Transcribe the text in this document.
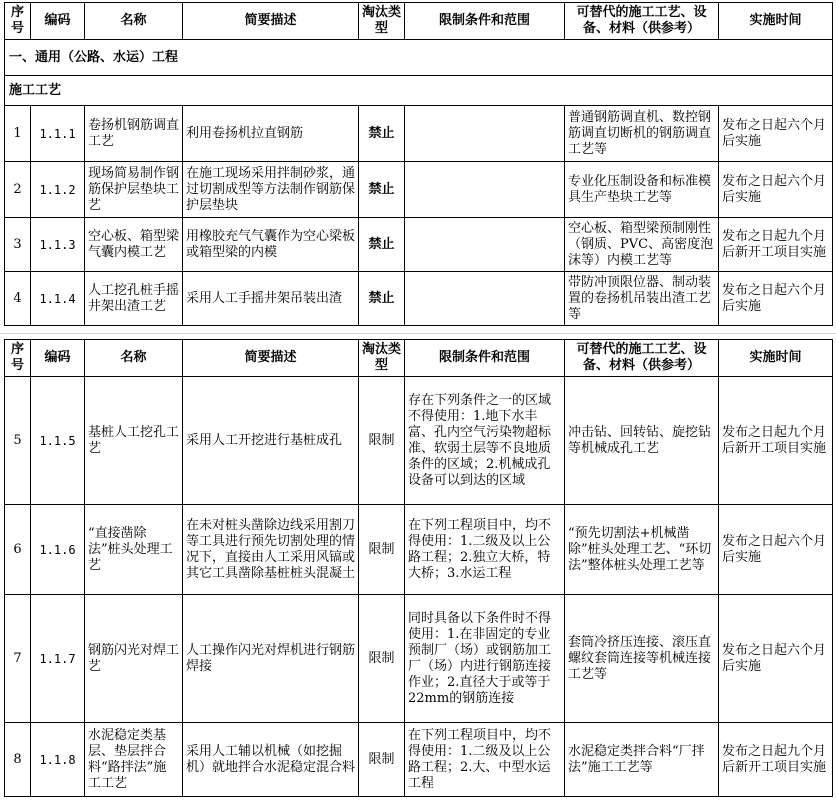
序号	编码	名称	简要描述	淘汰类型	限制条件和范围	可替代的施工工艺、设备、材料（供参考）	实施时间
一、通用（公路、水运）工程							
施工工艺							
1	1.1.1	卷扬机钢筋调直工艺	利用卷扬机拉直钢筋	禁止		普通钢筋调直机、数控钢筋调直切断机的钢筋调直工艺等	发布之日起六个月后实施
2	1.1.2	现场简易制作钢筋保护层垫块工艺	在施工现场采用拌制砂浆，通过切割成型等方法制作钢筋保护层垫块	禁止		专业化压制设备和标准模具生产垫块工艺等	发布之日起六个月后实施
3	1.1.3	空心板、箱型梁气囊内模工艺	用橡胶充气气囊作为空心梁板或箱型梁的内模	禁止		空心板、箱型梁预制刚性（钢质、PVC、高密度泡沫等）内模工艺等	发布之日起九个月后新开工项目实施
4	1.1.4	人工挖孔桩手摇井架出渣工艺	采用人工手摇井架吊装出渣	禁止		带防冲顶限位器、制动装置的卷扬机吊装出渣工艺等	发布之日起六个月后实施
序号	编码	名称	简要描述	淘汰类型	限制条件和范围	可替代的施工工艺、设备、材料（供参考）	实施时间
5	1.1.5	基桩人工挖孔工艺	采用人工开挖进行基桩成孔	限制	存在下列条件之一的区域不得使用：1.地下水丰富、孔内空气污染物超标准、软弱土层等不良地质条件的区域；2.机械成孔设备可以到达的区域	冲击钻、回转钻、旋挖钻等机械成孔工艺	发布之日起九个月后新开工项目实施
6	1.1.6	“直接凿除法”桩头处理工艺	在未对桩头凿除边线采用割刀等工具进行预先切割处理的情况下，直接由人工采用风镐或其它工具凿除基桩桩头混凝土	限制	在下列工程项目中，均不得使用：1.二级及以上公路工程；2.独立大桥，特大桥；3.水运工程	“预先切割法+机械凿除”桩头处理工艺、“环切法”整体桩头处理工艺等	发布之日起六个月后实施
7	1.1.7	钢筋闪光对焊工艺	人工操作闪光对焊机进行钢筋焊接	限制	同时具备以下条件时不得使用：1.在非固定的专业预制厂（场）或钢筋加工厂（场）内进行钢筋连接作业；2.直径大于或等于22mm的钢筋连接	套筒冷挤压连接、滚压直螺纹套筒连接等机械连接工艺等	发布之日起六个月后实施
8	1.1.8	水泥稳定类基层、垫层拌合料“路拌法”施工工艺	采用人工辅以机械（如挖掘机）就地拌合水泥稳定混合料	限制	在下列工程项目中，均不得使用：1.二级及以上公路工程；2.大、中型水运工程	水泥稳定类拌合料“厂拌法”施工工艺等	发布之日起九个月后新开工项目实施
